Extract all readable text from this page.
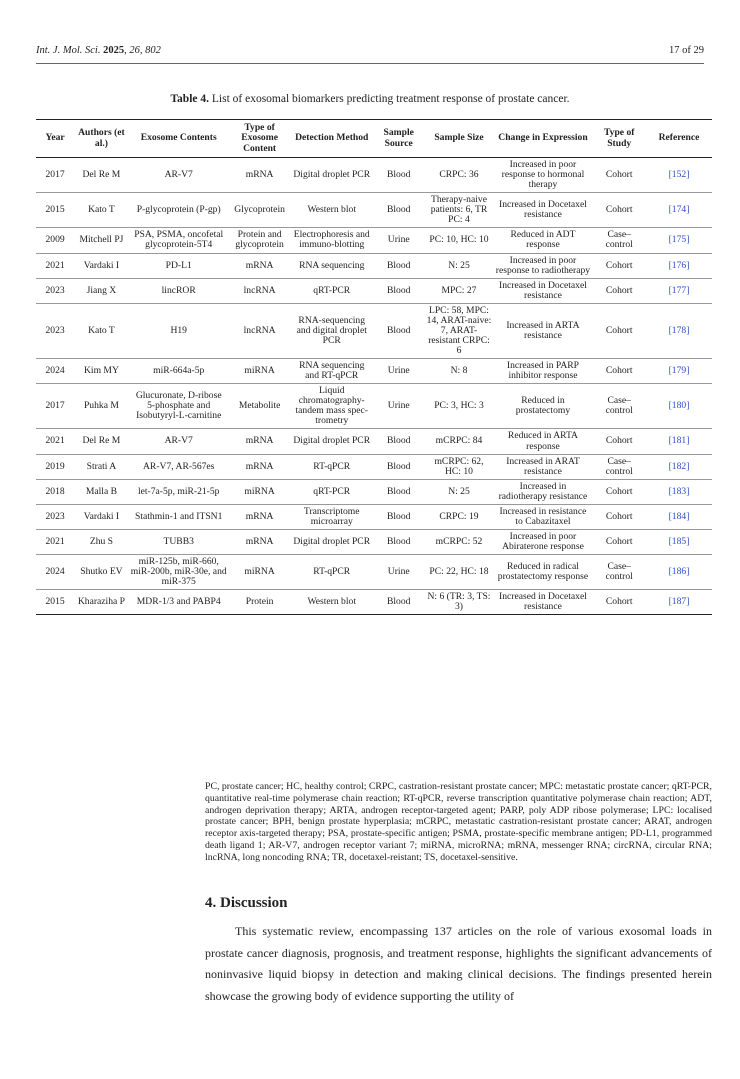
Int. J. Mol. Sci. 2025, 26, 802	17 of 29
Table 4. List of exosomal biomarkers predicting treatment response of prostate cancer.
Year	Authors (et al.)	Exosome Contents	Type of Exosome Content	Detection Method	Sample Source	Sample Size	Change in Expression	Type of Study	Reference
2017	Del Re M	AR-V7	mRNA	Digital droplet PCR	Blood	CRPC: 36	Increased in poor response to hormonal therapy	Cohort	[152]
2015	Kato T	P-glycoprotein (P-gp)	Glycoprotein	Western blot	Blood	Therapy-naive patients: 6, TR PC: 4	Increased in Docetaxel resistance	Cohort	[174]
2009	Mitchell PJ	PSA, PSMA, oncofetal glycoprotein-5T4	Protein and glycoprotein	Electrophoresis and immuno-blotting	Urine	PC: 10, HC: 10	Reduced in ADT response	Case–control	[175]
2021	Vardaki I	PD-L1	mRNA	RNA sequencing	Blood	N: 25	Increased in poor response to radiotherapy	Cohort	[176]
2023	Jiang X	lincROR	lncRNA	qRT-PCR	Blood	MPC: 27	Increased in Docetaxel resistance	Cohort	[177]
2023	Kato T	H19	lncRNA	RNA-sequencing and digital droplet PCR	Blood	LPC: 58, MPC: 14, ARAT-naive: 7, ARAT-resistant CRPC: 6	Increased in ARTA resistance	Cohort	[178]
2024	Kim MY	miR-664a-5p	miRNA	RNA sequencing and RT-qPCR	Urine	N: 8	Increased in PARP inhibitor response	Cohort	[179]
2017	Puhka M	Glucuronate, D-ribose 5-phosphate and Isobutyryl-L-carnitine	Metabolite	Liquid chromatography-tandem mass spec-trometry	Urine	PC: 3, HC: 3	Reduced in prostatectomy	Case–control	[180]
2021	Del Re M	AR-V7	mRNA	Digital droplet PCR	Blood	mCRPC: 84	Reduced in ARTA response	Cohort	[181]
2019	Strati A	AR-V7, AR-567es	mRNA	RT-qPCR	Blood	mCRPC: 62, HC: 10	Increased in ARAT resistance	Case–control	[182]
2018	Malla B	let-7a-5p, miR-21-5p	miRNA	qRT-PCR	Blood	N: 25	Increased in radiotherapy resistance	Cohort	[183]
2023	Vardaki I	Stathmin-1 and ITSN1	mRNA	Transcriptome microarray	Blood	CRPC: 19	Increased in resistance to Cabazitaxel	Cohort	[184]
2021	Zhu S	TUBB3	mRNA	Digital droplet PCR	Blood	mCRPC: 52	Increased in poor Abiraterone response	Cohort	[185]
2024	Shutko EV	miR-125b, miR-660, miR-200b, miR-30e, and miR-375	miRNA	RT-qPCR	Urine	PC: 22, HC: 18	Reduced in radical prostatectomy response	Case–control	[186]
2015	Kharaziha P	MDR-1/3 and PABP4	Protein	Western blot	Blood	N: 6 (TR: 3, TS: 3)	Increased in Docetaxel resistance	Cohort	[187]
PC, prostate cancer; HC, healthy control; CRPC, castration-resistant prostate cancer; MPC: metastatic prostate cancer; qRT-PCR, quantitative real-time polymerase chain reaction; RT-qPCR, reverse transcription quantitative polymerase chain reaction; ADT, androgen deprivation therapy; ARTA, androgen receptor-targeted agent; PARP, poly ADP ribose polymerase; LPC: localised prostate cancer; BPH, benign prostate hyperplasia; mCRPC, metastatic castration-resistant prostate cancer; ARAT, androgen receptor axis-targeted therapy; PSA, prostate-specific antigen; PSMA, prostate-specific membrane antigen; PD-L1, programmed death ligand 1; AR-V7, androgen receptor variant 7; miRNA, microRNA; mRNA, messenger RNA; circRNA, circular RNA; lncRNA, long noncoding RNA; TR, docetaxel-reistant; TS, docetaxel-sensitive.
4. Discussion
This systematic review, encompassing 137 articles on the role of various exosomal loads in prostate cancer diagnosis, prognosis, and treatment response, highlights the significant advancements of noninvasive liquid biopsy in detection and making clinical decisions. The findings presented herein showcase the growing body of evidence supporting the utility of
